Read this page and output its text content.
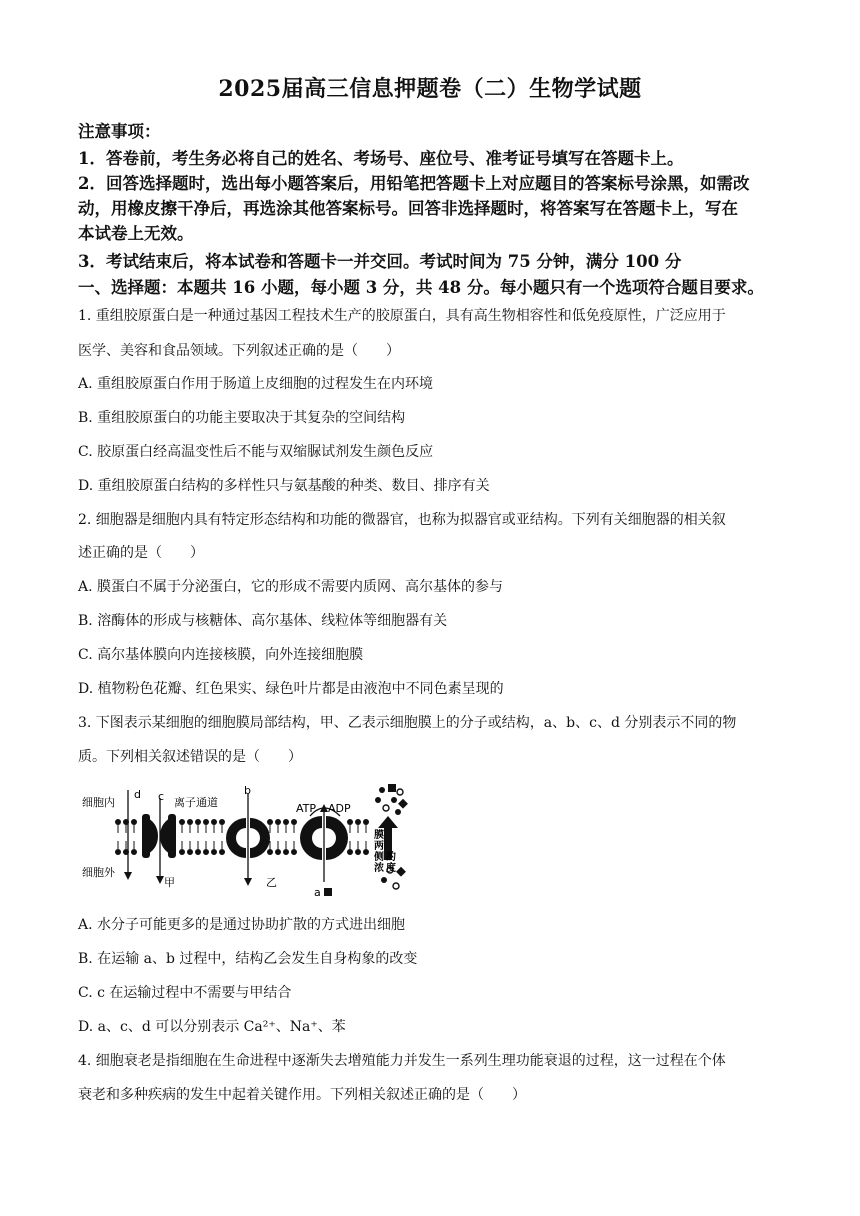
2025届高三信息押题卷（二）生物学试题
注意事项：
1．答卷前，考生务必将自己的姓名、考场号、座位号、准考证号填写在答题卡上。
2．回答选择题时，选出每小题答案后，用铅笔把答题卡上对应题目的答案标号涂黑，如需改
动，用橡皮擦干净后，再选涂其他答案标号。回答非选择题时，将答案写在答题卡上，写在
本试卷上无效。
3．考试结束后，将本试卷和答题卡一并交回。考试时间为 75 分钟，满分 100 分
一、选择题：本题共 16 小题，每小题 3 分，共 48 分。每小题只有一个选项符合题目要求。
1. 重组胶原蛋白是一种通过基因工程技术生产的胶原蛋白，具有高生物相容性和低免疫原性，广泛应用于
医学、美容和食品领域。下列叙述正确的是（　　）
A. 重组胶原蛋白作用于肠道上皮细胞的过程发生在内环境
B. 重组胶原蛋白的功能主要取决于其复杂的空间结构
C. 胶原蛋白经高温变性后不能与双缩脲试剂发生颜色反应
D. 重组胶原蛋白结构的多样性只与氨基酸的种类、数目、排序有关
2. 细胞器是细胞内具有特定形态结构和功能的微器官，也称为拟器官或亚结构。下列有关细胞器的相关叙
述正确的是（　　）
A. 膜蛋白不属于分泌蛋白，它的形成不需要内质网、高尔基体的参与
B. 溶酶体的形成与核糖体、高尔基体、线粒体等细胞器有关
C. 高尔基体膜向内连接核膜，向外连接细胞膜
D. 植物粉色花瓣、红色果实、绿色叶片都是由液泡中不同色素呈现的
3. 下图表示某细胞的细胞膜局部结构，甲、乙表示细胞膜上的分子或结构，a、b、c、d 分别表示不同的物
质。下列相关叙述错误的是（　　）
细胞内
细胞外
d c 离子通道
甲
b
乙
ATP ADP
a
膜
两
侧 的
浓 度
A. 水分子可能更多的是通过协助扩散的方式进出细胞
B. 在运输 a、b 过程中，结构乙会发生自身构象的改变
C. c 在运输过程中不需要与甲结合
D. a、c、d 可以分别表示 Ca²⁺、Na⁺、苯
4. 细胞衰老是指细胞在生命进程中逐渐失去增殖能力并发生一系列生理功能衰退的过程，这一过程在个体
衰老和多种疾病的发生中起着关键作用。下列相关叙述正确的是（　　）
